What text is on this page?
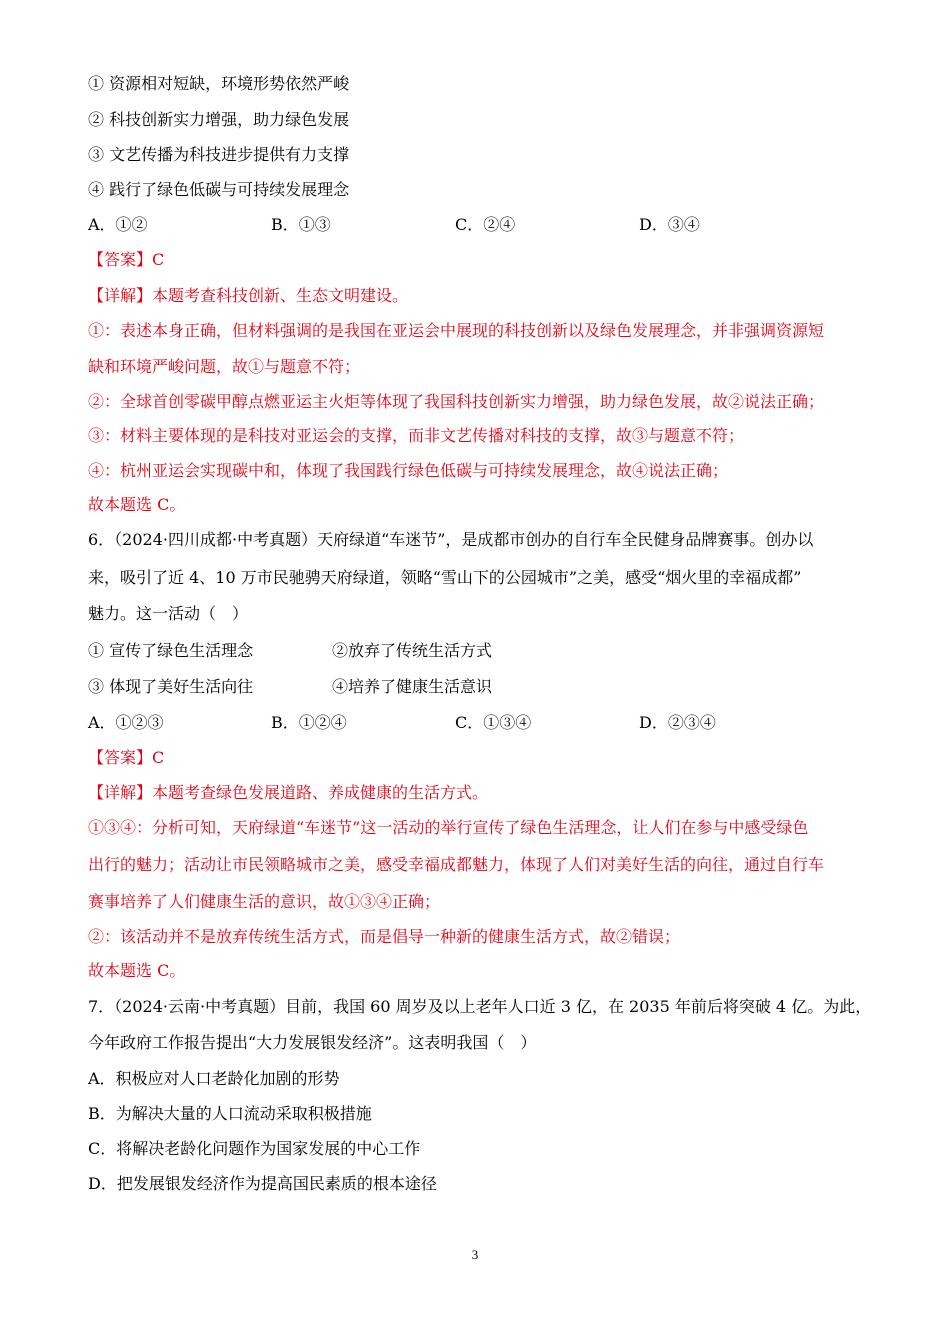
① 资源相对短缺，环境形势依然严峻
② 科技创新实力增强，助力绿色发展
③ 文艺传播为科技进步提供有力支撑
④ 践行了绿色低碳与可持续发展理念
A．①②	B．①③	C．②④	D．③④
【答案】C
【详解】本题考查科技创新、生态文明建设。
①：表述本身正确，但材料强调的是我国在亚运会中展现的科技创新以及绿色发展理念，并非强调资源短
缺和环境严峻问题，故①与题意不符；
②：全球首创零碳甲醇点燃亚运主火炬等体现了我国科技创新实力增强，助力绿色发展，故②说法正确；
③：材料主要体现的是科技对亚运会的支撑，而非文艺传播对科技的支撑，故③与题意不符；
④：杭州亚运会实现碳中和，体现了我国践行绿色低碳与可持续发展理念，故④说法正确；
故本题选 C。
6．（2024·四川成都·中考真题）天府绿道“车迷节”，是成都市创办的自行车全民健身品牌赛事。创办以
来，吸引了近 4、10 万市民驰骋天府绿道，领略“雪山下的公园城市”之美，感受“烟火里的幸福成都”
魅力。这一活动（　）
① 宣传了绿色生活理念	②放弃了传统生活方式
③ 体现了美好生活向往	④培养了健康生活意识
A．①②③	B．①②④	C．①③④	D．②③④
【答案】C
【详解】本题考查绿色发展道路、养成健康的生活方式。
①③④：分析可知，天府绿道“车迷节”这一活动的举行宣传了绿色生活理念，让人们在参与中感受绿色
出行的魅力；活动让市民领略城市之美，感受幸福成都魅力，体现了人们对美好生活的向往，通过自行车
赛事培养了人们健康生活的意识，故①③④正确；
②：该活动并不是放弃传统生活方式，而是倡导一种新的健康生活方式，故②错误；
故本题选 C。
7．（2024·云南·中考真题）目前，我国 60 周岁及以上老年人口近 3 亿，在 2035 年前后将突破 4 亿。为此，
今年政府工作报告提出“大力发展银发经济”。这表明我国（　）
A．积极应对人口老龄化加剧的形势
B．为解决大量的人口流动采取积极措施
C．将解决老龄化问题作为国家发展的中心工作
D．把发展银发经济作为提高国民素质的根本途径
3
